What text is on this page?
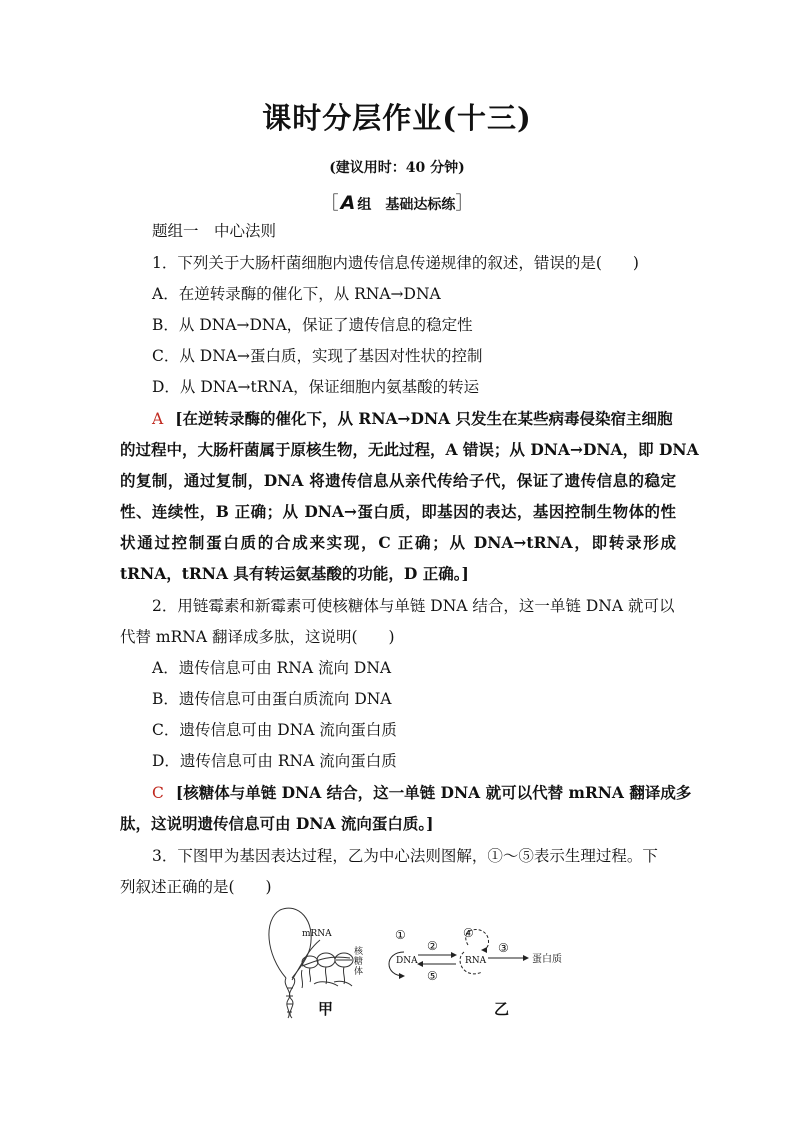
课时分层作业(十三)
(建议用时：40 分钟)
［ A 组　基础达标练］
题组一　中心法则
1．下列关于大肠杆菌细胞内遗传信息传递规律的叙述，错误的是(　　)
A．在逆转录酶的催化下，从 RNA→DNA
B．从 DNA→DNA，保证了遗传信息的稳定性
C．从 DNA→蛋白质，实现了基因对性状的控制
D．从 DNA→tRNA，保证细胞内氨基酸的转运
A [在逆转录酶的催化下，从 RNA→DNA 只发生在某些病毒侵染宿主细胞
的过程中，大肠杆菌属于原核生物，无此过程，A 错误；从 DNA→DNA，即 DNA
的复制，通过复制，DNA 将遗传信息从亲代传给子代，保证了遗传信息的稳定
性、连续性，B 正确；从 DNA→蛋白质，即基因的表达，基因控制生物体的性
状通过控制蛋白质的合成来实现，C 正确；从 DNA→tRNA，即转录形成
tRNA，tRNA 具有转运氨基酸的功能，D 正确。]
2．用链霉素和新霉素可使核糖体与单链 DNA 结合，这一单链 DNA 就可以
代替 mRNA 翻译成多肽，这说明(　　)
A．遗传信息可由 RNA 流向 DNA
B．遗传信息可由蛋白质流向 DNA
C．遗传信息可由 DNA 流向蛋白质
D．遗传信息可由 RNA 流向蛋白质
C [核糖体与单链 DNA 结合，这一单链 DNA 就可以代替 mRNA 翻译成多
肽，这说明遗传信息可由 DNA 流向蛋白质。]
3．下图甲为基因表达过程，乙为中心法则图解，①～⑤表示生理过程。下
列叙述正确的是(　　)
mRNA
核
糖
体
DNA	RNA	蛋白质
①
②	③
④
⑤
甲	乙
